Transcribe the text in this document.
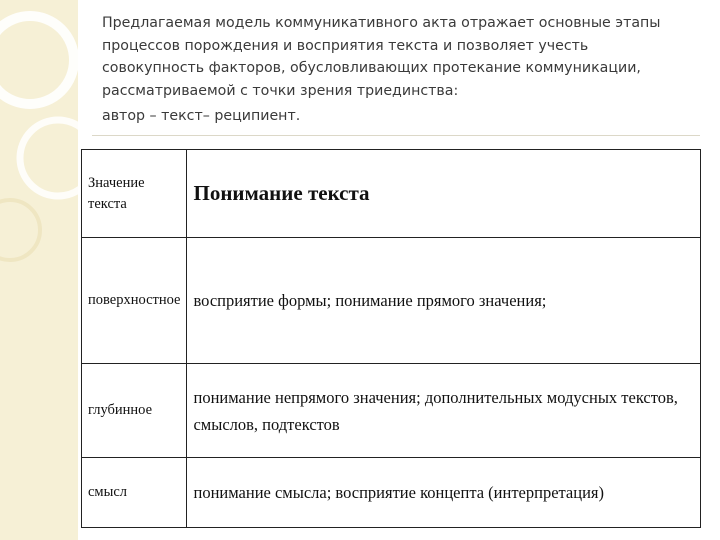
Предлагаемая модель коммуникативного акта отражает основные этапы процессов порождения и восприятия текста и позволяет учесть совокупность факторов, обусловливающих протекание коммуникации, рассматриваемой с точки зрения триединства:

автор – текст– реципиент.

Значение текста	Понимание текста
поверхностное	восприятие формы; понимание прямого значения;
глубинное	понимание непрямого значения; дополнительных модусных текстов, смыслов, подтекстов
смысл	понимание смысла; восприятие концепта (интерпретация)
